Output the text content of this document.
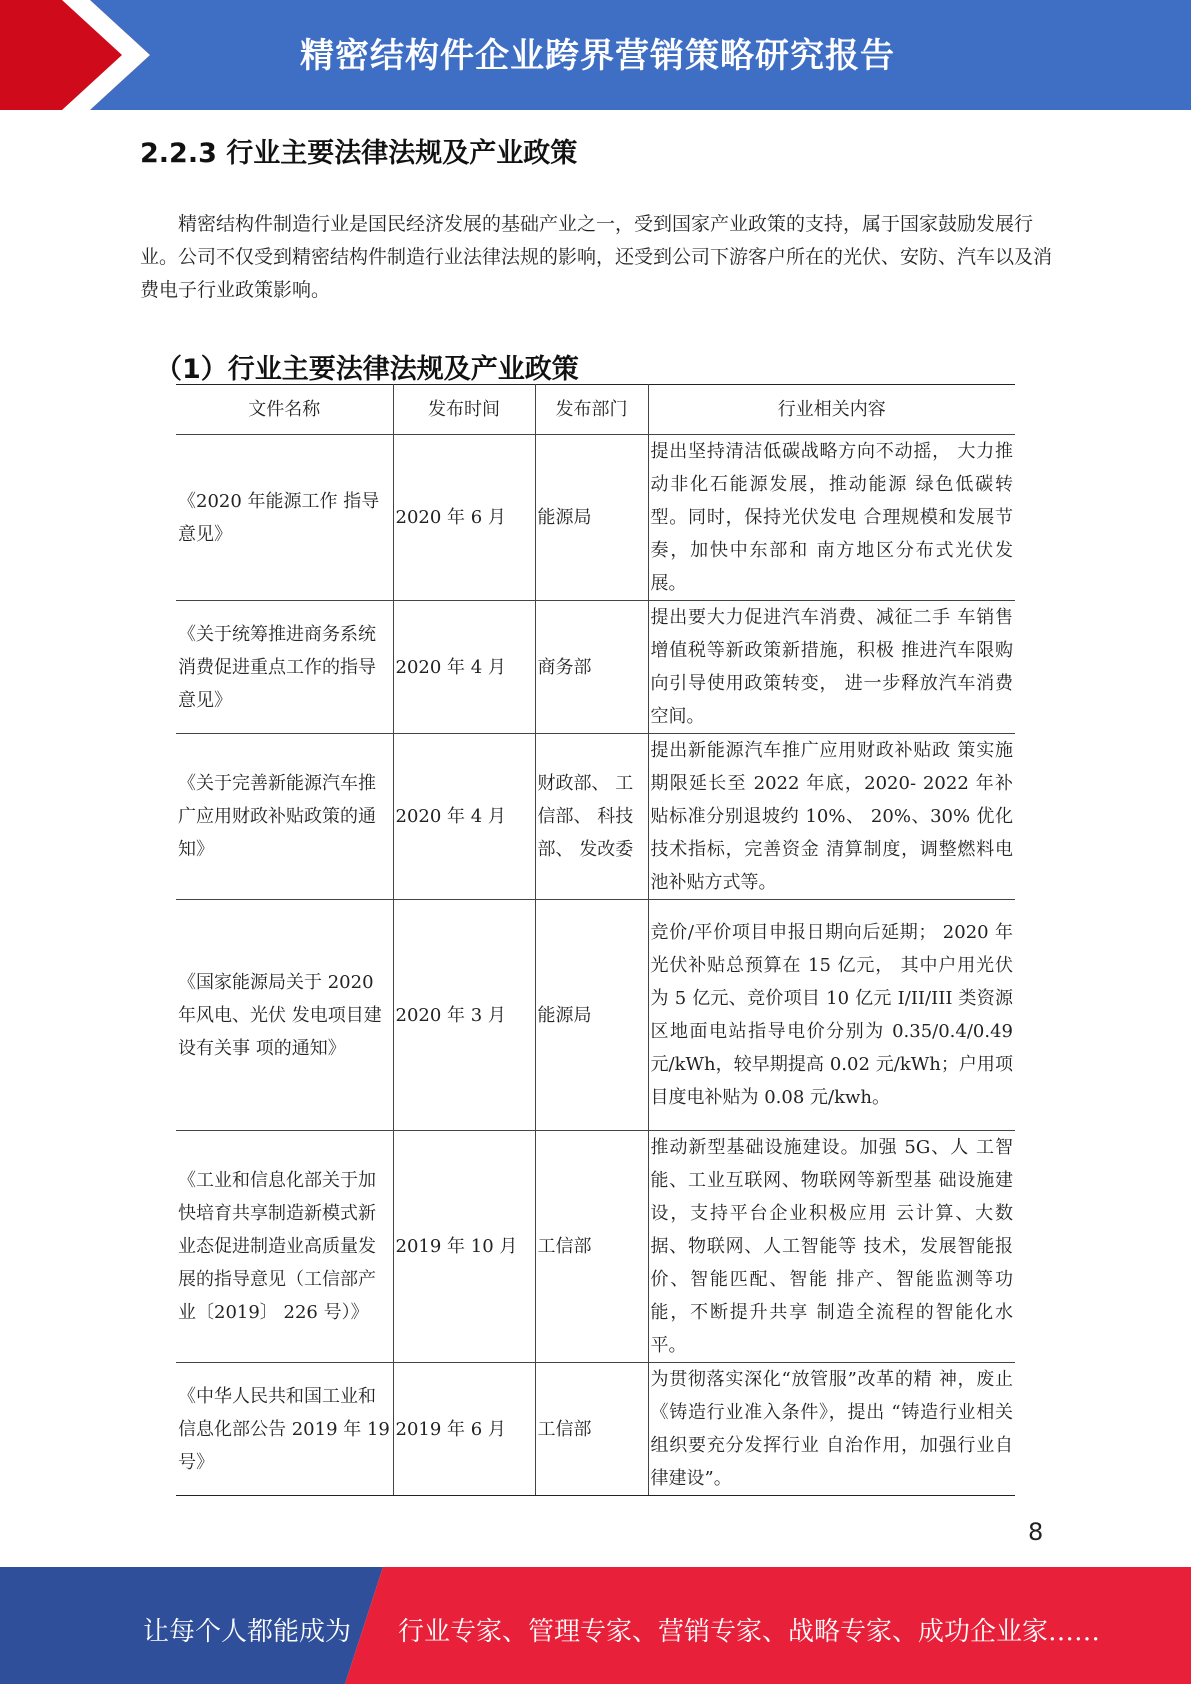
精密结构件企业跨界营销策略研究报告
2.2.3 行业主要法律法规及产业政策

精密结构件制造行业是国民经济发展的基础产业之一，受到国家产业政策的支持，属于国家鼓励发展行业。公司不仅受到精密结构件制造行业法律法规的影响，还受到公司下游客户所在的光伏、安防、汽车以及消费电子行业政策影响。

（1）行业主要法律法规及产业政策
文件名称	发布时间	发布部门	行业相关内容
《2020 年能源工作 指导意见》	2020 年 6 月	能源局	提出坚持清洁低碳战略方向不动摇， 大力推动非化石能源发展，推动能源 绿色低碳转型。同时，保持光伏发电 合理规模和发展节奏，加快中东部和 南方地区分布式光伏发展。
《关于统筹推进商务系统消费促进重点工作的指导意见》	2020 年 4 月	商务部	提出要大力促进汽车消费、减征二手 车销售增值税等新政策新措施，积极 推进汽车限购向引导使用政策转变， 进一步释放汽车消费空间。
《关于完善新能源汽车推广应用财政补贴政策的通知》	2020 年 4 月	财政部、 工信部、 科技部、 发改委	提出新能源汽车推广应用财政补贴政 策实施期限延长至 2022 年底，2020- 2022 年补贴标准分别退坡约 10%、 20%、30% 优化技术指标，完善资金 清算制度，调整燃料电池补贴方式等。
《国家能源局关于 2020 年风电、光伏 发电项目建设有关事 项的通知》	2020 年 3 月	能源局	竞价/平价项目申报日期向后延期； 2020 年光伏补贴总预算在 15 亿元， 其中户用光伏为 5 亿元、竞价项目 10 亿元 I/II/III 类资源区地面电站指导电价分别为 0.35/0.4/0.49 元/kWh，较早期提高 0.02 元/kWh；户用项目度电补贴为 0.08 元/kwh。
《工业和信息化部关于加快培育共享制造新模式新业态促进制造业高质量发展的指导意见（工信部产业〔2019〕 226 号）》	2019 年 10 月	工信部	推动新型基础设施建设。加强 5G、人 工智能、工业互联网、物联网等新型基 础设施建设，支持平台企业积极应用 云计算、大数据、物联网、人工智能等 技术，发展智能报价、智能匹配、智能 排产、智能监测等功能，不断提升共享 制造全流程的智能化水平。
《中华人民共和国工业和信息化部公告 2019 年 19 号》	2019 年 6 月	工信部	为贯彻落实深化“放管服”改革的精 神，废止《铸造行业准入条件》，提出 “铸造行业相关组织要充分发挥行业 自治作用，加强行业自律建设”。
8
让每个人都能成为 行业专家、管理专家、营销专家、战略专家、成功企业家……
